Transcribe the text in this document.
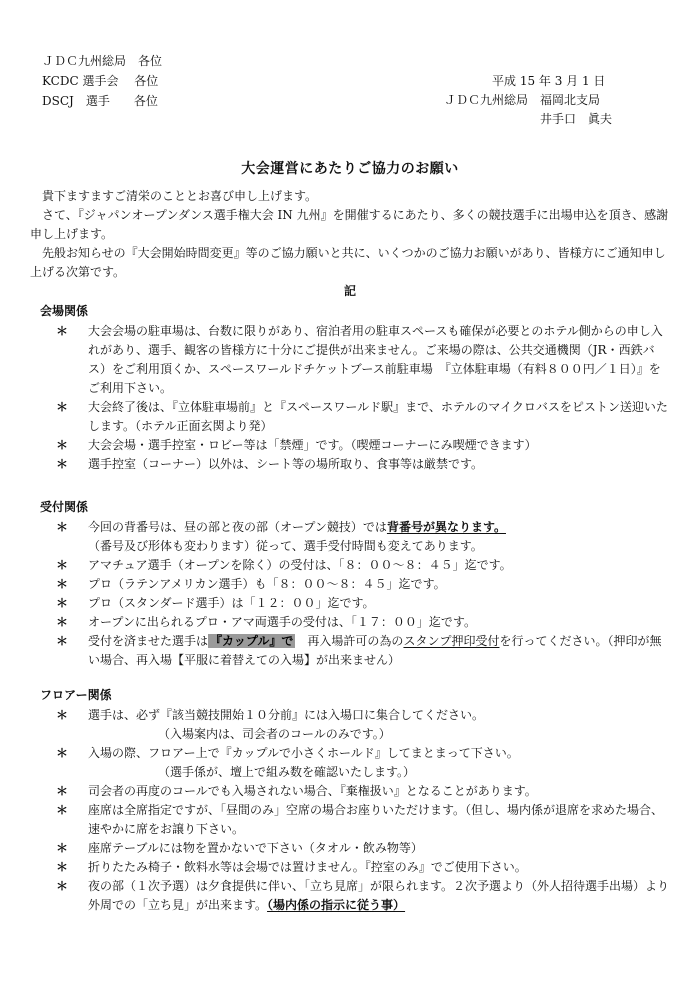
ＪＤＣ九州総局　各位
KCDC 選手会　 各位
DSCJ　選手　　各位
平成 15 年 3 月 1 日
ＪＤＣ九州総局　福岡北支局
井手口　眞夫
大会運営にあたりご協力のお願い

貴下ますますご清栄のこととお喜び申し上げます。

さて、『ジャパンオープンダンス選手権大会 IN 九州』を開催するにあたり、多くの競技選手に出場申込を頂き、感謝申し上げます。

先般お知らせの『大会開始時間変更』等のご協力願いと共に、いくつかのご協力お願いがあり、皆様方にご通知申し上げる次第です。

記
会場関係
＊	大会会場の駐車場は、台数に限りがあり、宿泊者用の駐車スペースも確保が必要とのホテル側からの申し入れがあり、選手、観客の皆様方に十分にご提供が出来ません。ご来場の際は、公共交通機関（JR・西鉄バス）をご利用頂くか、スペースワールドチケットブース前駐車場　『立体駐車場（有料８００円／１日）』をご利用下さい。
＊	大会終了後は、『立体駐車場前』と『スペースワールド駅』まで、ホテルのマイクロバスをピストン送迎いたします。（ホテル正面玄関より発）
＊	大会会場・選手控室・ロビー等は「禁煙」です。（喫煙コーナーにみ喫煙できます）
＊	選手控室（コーナー）以外は、シート等の場所取り、食事等は厳禁です。
受付関係
＊	今回の背番号は、昼の部と夜の部（オープン競技）では背番号が異なります。
（番号及び形体も変わります）従って、選手受付時間も変えてあります。
＊	アマチュア選手（オープンを除く）の受付は、「８：００～８：４５」迄です。
＊	プロ（ラテンアメリカン選手）も「８：００～８：４５」迄です。
＊	プロ（スタンダード選手）は「１２：００」迄です。
＊	オープンに出られるプロ・アマ両選手の受付は、「１７：００」迄です。
＊	受付を済ませた選手は 『カップル』で　再入場許可の為のスタンプ押印受付を行ってください。（押印が無い場合、再入場【平服に着替えての入場】が出来ません）
フロアー関係
＊	選手は、必ず『該当競技開始１０分前』には入場口に集合してください。
（入場案内は、司会者のコールのみです。）
＊	入場の際、フロアー上で『カップルで小さくホールド』してまとまって下さい。
（選手係が、壇上で組み数を確認いたします。）
＊	司会者の再度のコールでも入場されない場合、『棄権扱い』となることがあります。
＊	座席は全席指定ですが、「昼間のみ」空席の場合お座りいただけます。（但し、場内係が退席を求めた場合、速やかに席をお譲り下さい。
＊	座席テーブルには物を置かないで下さい（タオル・飲み物等）
＊	折りたたみ椅子・飲料水等は会場では置けません。『控室のみ』でご使用下さい。
＊	夜の部（１次予選）は夕食提供に伴い、「立ち見席」が限られます。２次予選より（外人招待選手出場）より外周での「立ち見」が出来ます。（場内係の指示に従う事）
